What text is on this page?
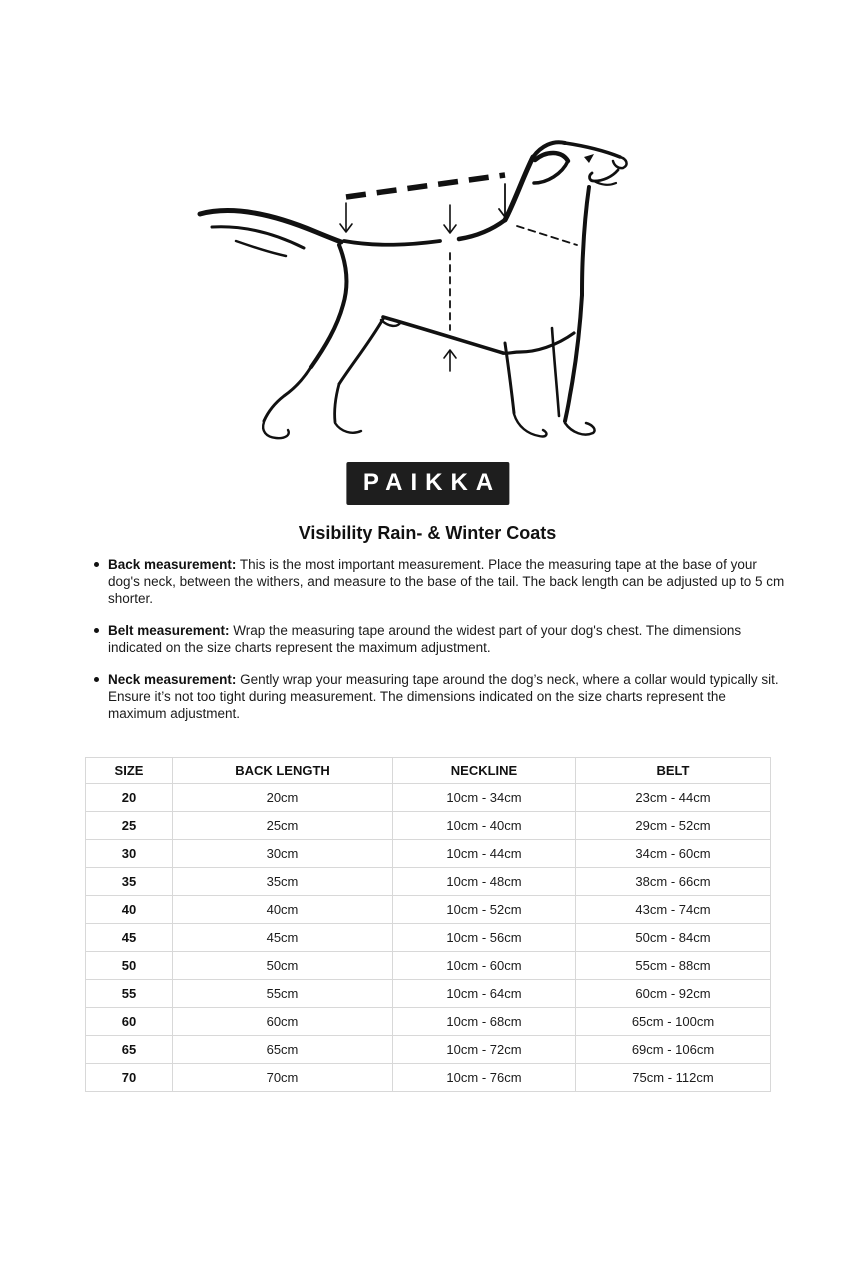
PAIKKA
Visibility Rain- & Winter Coats
Back measurement: This is the most important measurement. Place the measuring tape at the base of your dog's neck, between the withers, and measure to the base of the tail. The back length can be adjusted up to 5 cm shorter.
Belt measurement: Wrap the measuring tape around the widest part of your dog's chest. The dimensions indicated on the size charts represent the maximum adjustment.
Neck measurement: Gently wrap your measuring tape around the dog’s neck, where a collar would typically sit. Ensure it’s not too tight during measurement. The dimensions indicated on the size charts represent the maximum adjustment.
SIZE	BACK LENGTH	NECKLINE	BELT
20	20cm	10cm - 34cm	23cm - 44cm
25	25cm	10cm - 40cm	29cm - 52cm
30	30cm	10cm - 44cm	34cm - 60cm
35	35cm	10cm - 48cm	38cm - 66cm
40	40cm	10cm - 52cm	43cm - 74cm
45	45cm	10cm - 56cm	50cm - 84cm
50	50cm	10cm - 60cm	55cm - 88cm
55	55cm	10cm - 64cm	60cm - 92cm
60	60cm	10cm - 68cm	65cm - 100cm
65	65cm	10cm - 72cm	69cm - 106cm
70	70cm	10cm - 76cm	75cm - 112cm
